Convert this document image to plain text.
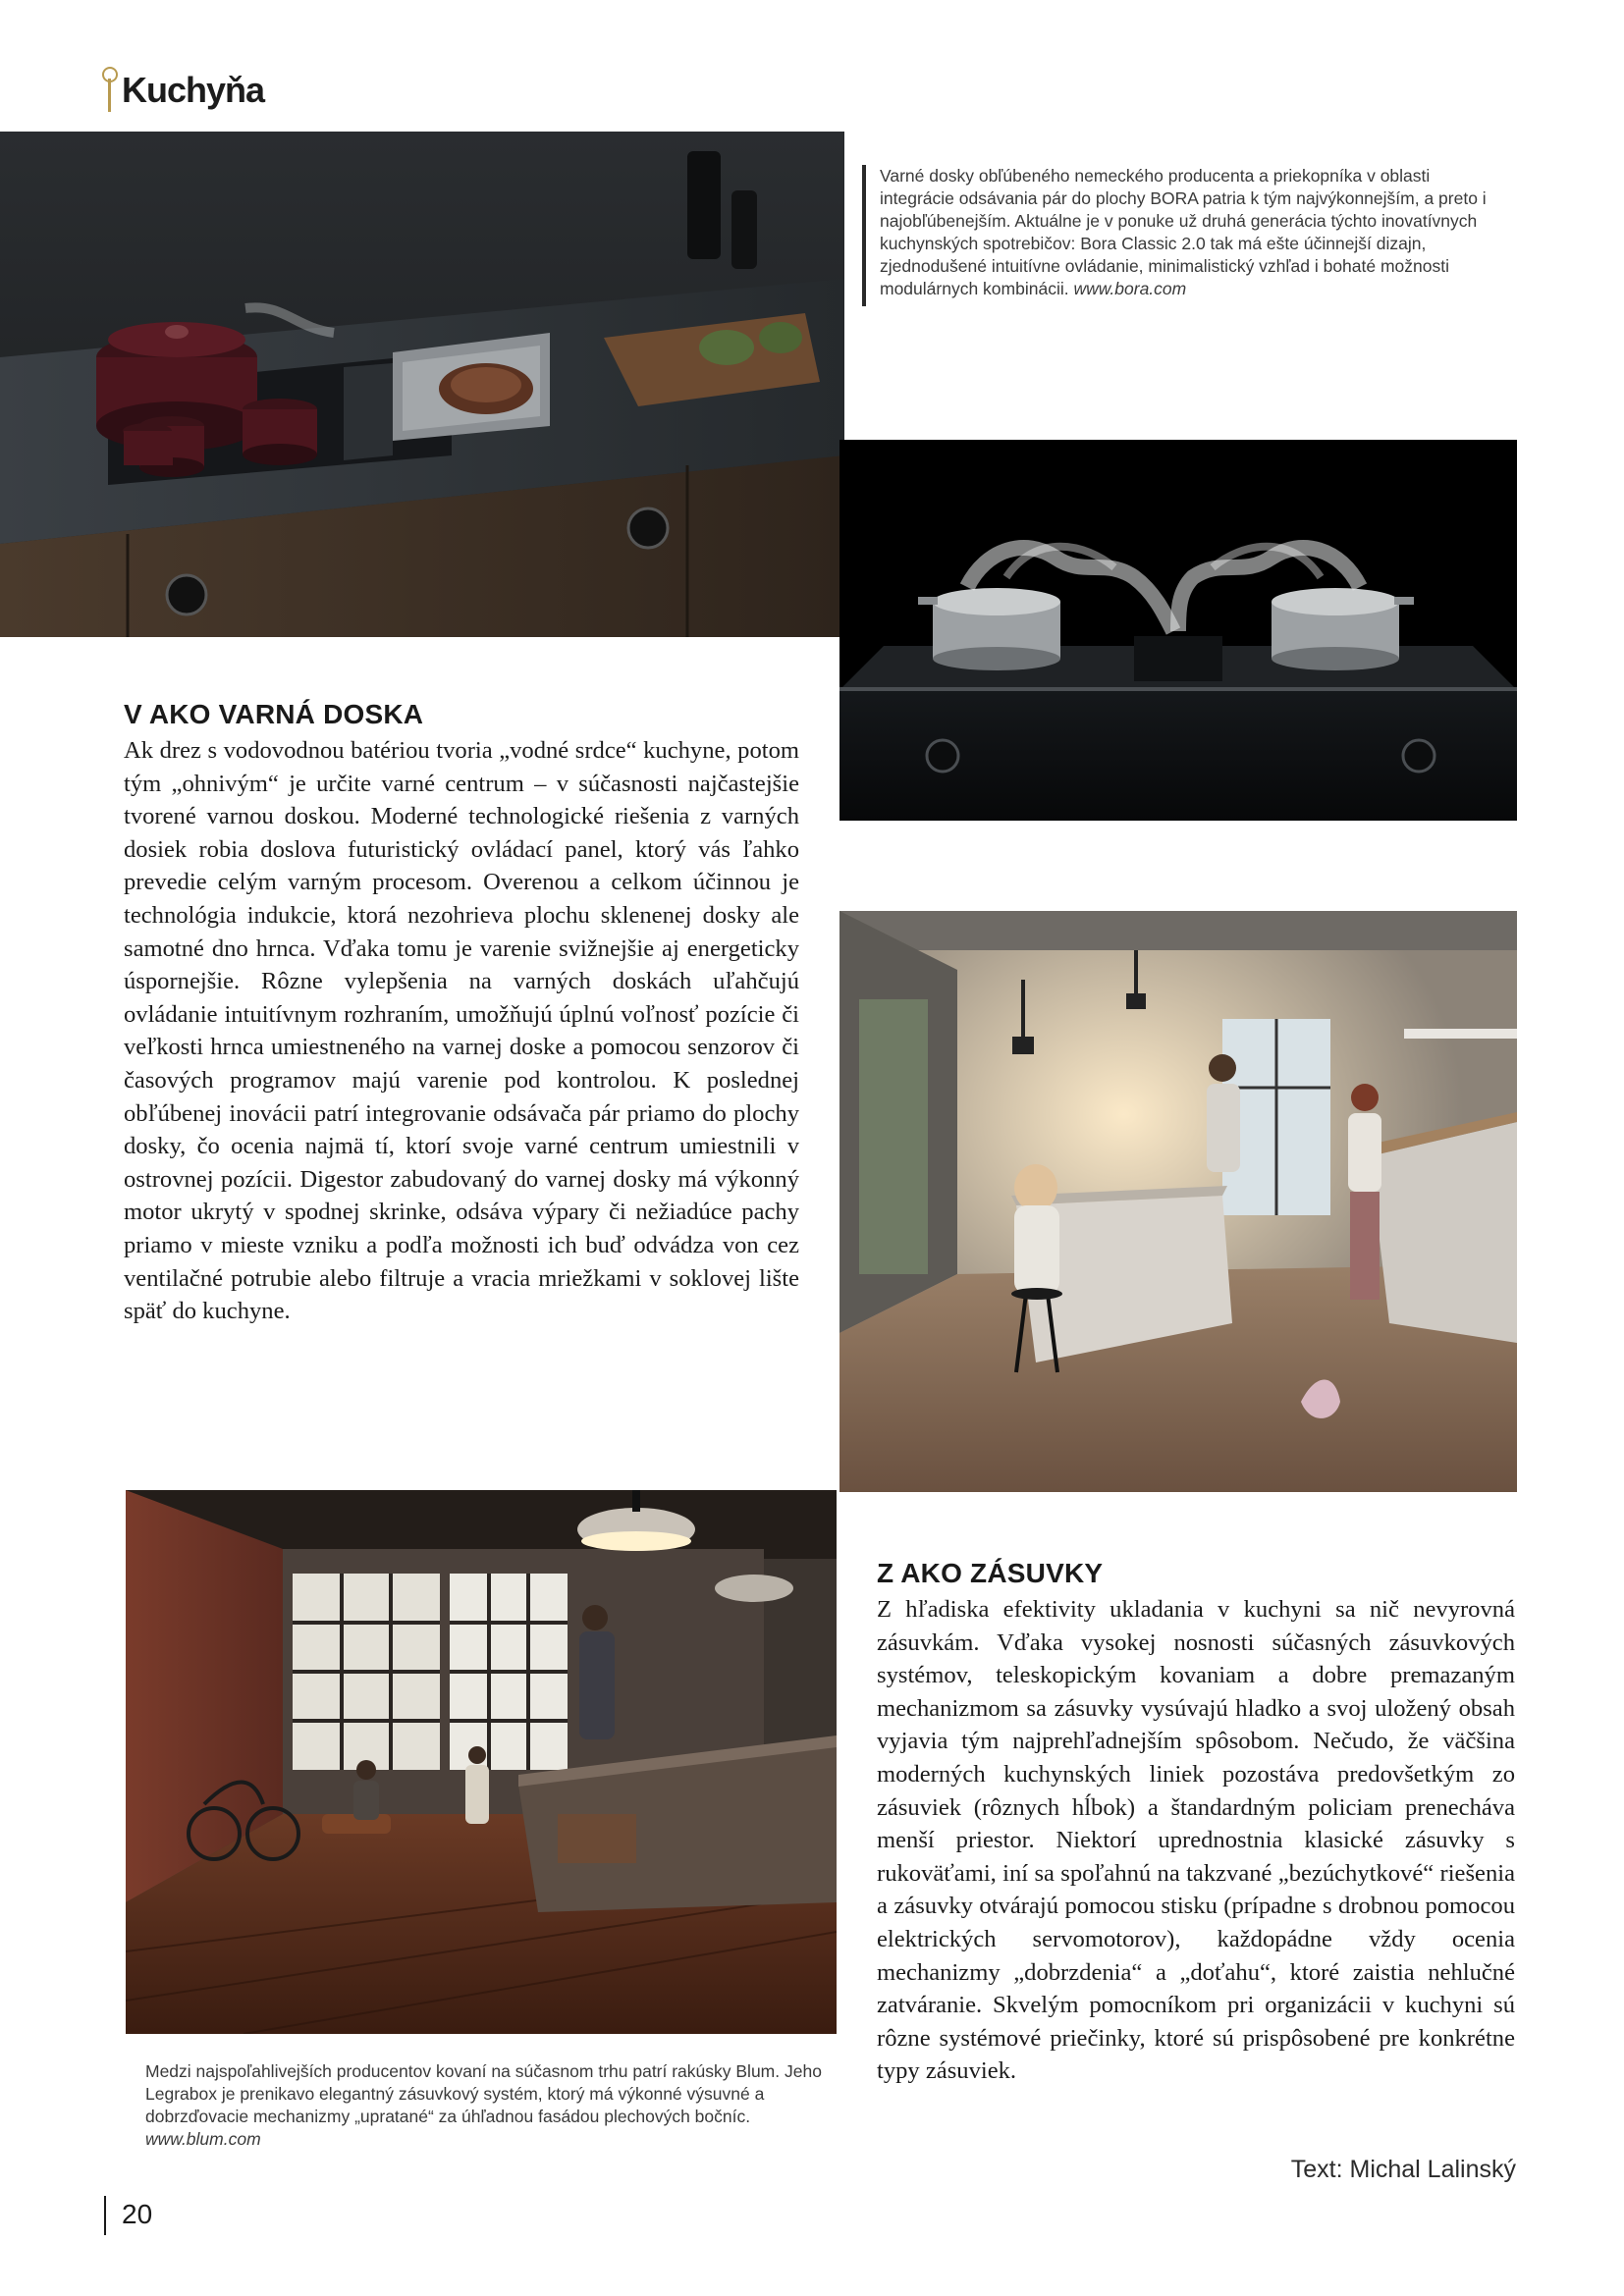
Kuchyňa
Varné dosky obľúbeného nemeckého producenta a priekopníka v oblasti integrácie odsávania pár do plochy BORA patria k tým najvýkonnejším, a preto i najobľúbenejším. Aktuálne je v ponuke už druhá generácia týchto inovatívnych kuchynských spotrebičov: Bora Classic 2.0 tak má ešte účinnejší dizajn, zjednodušené intuitívne ovládanie, minimalistický vzhľad i bohaté možnosti modulárnych kombinácii. www.bora.com
V AKO VARNÁ DOSKA
Ak drez s vodovodnou batériou tvoria „vodné srdce“ kuchyne, potom tým „ohnivým“ je určite varné centrum – v súčasnosti najčastejšie tvorené varnou doskou. Moderné technologické riešenia z varných dosiek robia doslova futuristický ovládací panel, ktorý vás ľahko prevedie celým varným procesom. Overenou a celkom účinnou je technológia indukcie, ktorá nezohrieva plochu sklenenej dosky ale samotné dno hrnca. Vďaka tomu je varenie svižnejšie aj energeticky úspornejšie. Rôzne vylepšenia na varných doskách uľahčujú ovládanie intuitívnym rozhraním, umožňujú úplnú voľnosť pozície či veľkosti hrnca umiestneného na varnej doske a pomocou senzorov či časových programov majú varenie pod kontrolou. K poslednej obľúbenej inovácii patrí integrovanie odsávača pár priamo do plochy dosky, čo ocenia najmä tí, ktorí svoje varné centrum umiestnili v ostrovnej pozícii. Digestor zabudovaný do varnej dosky má výkonný motor ukrytý v spodnej skrinke, odsáva výpary či nežiadúce pachy priamo v mieste vzniku a podľa možnosti ich buď odvádza von cez ventilačné potrubie alebo filtruje a vracia mriežkami v soklovej lište späť do kuchyne.
Medzi najspoľahlivejších producentov kovaní na súčasnom trhu patrí rakúsky Blum. Jeho Legrabox je prenikavo elegantný zásuvkový systém, ktorý má výkonné výsuvné a dobrzďovacie mechanizmy „upratané“ za úhľadnou fasádou plechových bočníc. www.blum.com
Z AKO ZÁSUVKY
Z hľadiska efektivity ukladania v kuchyni sa nič nevyrovná zásuvkám. Vďaka vysokej nosnosti súčasných zásuvkových systémov, teleskopickým kovaniam a dobre premazaným mechanizmom sa zásuvky vysúvajú hladko a svoj uložený obsah vyjavia tým najprehľadnejším spôsobom. Nečudo, že väčšina moderných kuchynských liniek pozostáva predovšetkým zo zásuviek (rôznych hĺbok) a štandardným policiam prenecháva menší priestor. Niektorí uprednostnia klasické zásuvky s rukoväťami, iní sa spoľahnú na takzvané „bezúchytkové“ riešenia a zásuvky otvárajú pomocou stisku (prípadne s drobnou pomocou elektrických servomotorov), každopádne vždy ocenia mechanizmy „dobrzdenia“ a „doťahu“, ktoré zaistia nehlučné zatváranie. Skvelým pomocníkom pri organizácii v kuchyni sú rôzne systémové priečinky, ktoré sú prispôsobené pre konkrétne typy zásuviek.
Text: Michal Lalinský
20
